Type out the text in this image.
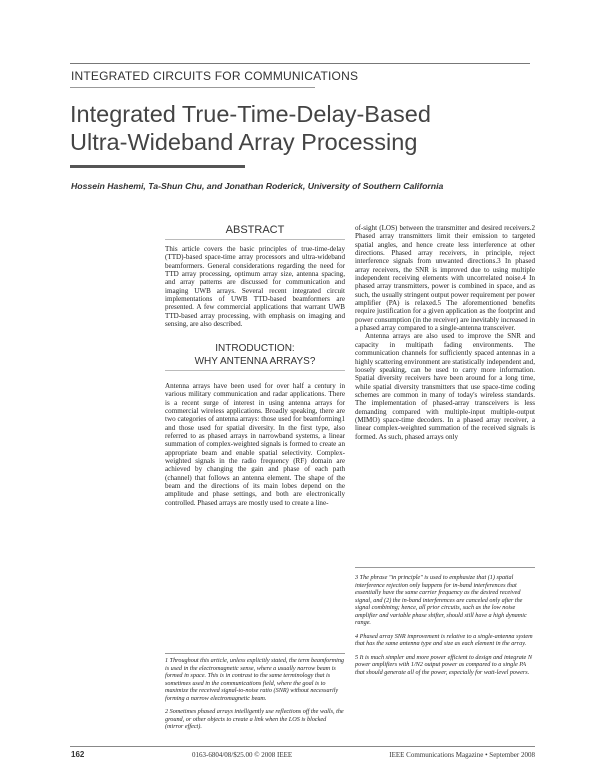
INTEGRATED CIRCUITS FOR COMMUNICATIONS
Integrated True-Time-Delay-Based
Ultra-Wideband Array Processing
Hossein Hashemi, Ta-Shun Chu, and Jonathan Roderick, University of Southern California
ABSTRACT

This article covers the basic principles of true-time-delay (TTD)-based space-time array processors and ultra-wideband beamformers. General considerations regarding the need for TTD array processing, optimum array size, antenna spacing, and array patterns are discussed for communication and imaging UWB arrays. Several recent integrated circuit implementations of UWB TTD-based beamformers are presented. A few commercial applications that warrant UWB TTD-based array processing, with emphasis on imaging and sensing, are also described.

INTRODUCTION:
WHY ANTENNA ARRAYS?

Antenna arrays have been used for over half a century in various military communication and radar applications. There is a recent surge of interest in using antenna arrays for commercial wireless applications. Broadly speaking, there are two categories of antenna arrays: those used for beamforming1 and those used for spatial diversity. In the first type, also referred to as phased arrays in narrowband systems, a linear summation of complex-weighted signals is formed to create an appropriate beam and enable spatial selectivity. Complex-weighted signals in the radio frequency (RF) domain are achieved by changing the gain and phase of each path (channel) that follows an antenna element. The shape of the beam and the directions of its main lobes depend on the amplitude and phase settings, and both are electronically controlled. Phased arrays are mostly used to create a line-

of-sight (LOS) between the transmitter and desired receivers.2 Phased array transmitters limit their emission to targeted spatial angles, and hence create less interference at other directions. Phased array receivers, in principle, reject interference signals from unwanted directions.3 In phased array receivers, the SNR is improved due to using multiple independent receiving elements with uncorrelated noise.4 In phased array transmitters, power is combined in space, and as such, the usually stringent output power requirement per power amplifier (PA) is relaxed.5 The aforementioned benefits require justification for a given application as the footprint and power consumption (in the receiver) are inevitably increased in a phased array compared to a single-antenna transceiver.

Antenna arrays are also used to improve the SNR and capacity in multipath fading environments. The communication channels for sufficiently spaced antennas in a highly scattering environment are statistically independent and, loosely speaking, can be used to carry more information. Spatial diversity receivers have been around for a long time, while spatial diversity transmitters that use space-time coding schemes are common in many of today's wireless standards. The implementation of phased-array transceivers is less demanding compared with multiple-input multiple-output (MIMO) space-time decoders. In a phased array receiver, a linear complex-weighted summation of the received signals is formed. As such, phased arrays only

1 Throughout this article, unless explicitly stated, the term beamforming is used in the electromagnetic sense, where a usually narrow beam is formed in space. This is in contrast to the same terminology that is sometimes used in the communications field, where the goal is to maximize the received signal-to-noise ratio (SNR) without necessarily forming a narrow electromagnetic beam.

2 Sometimes phased arrays intelligently use reflections off the walls, the ground, or other objects to create a link when the LOS is blocked (mirror effect).

3 The phrase "in principle" is used to emphasize that (1) spatial interference rejection only happens for in-band interferences that essentially have the same carrier frequency as the desired received signal, and (2) the in-band interferences are canceled only after the signal combining; hence, all prior circuits, such as the low noise amplifier and variable phase shifter, should still have a high dynamic range.

4 Phased array SNR improvement is relative to a single-antenna system that has the same antenna type and size as each element in the array.

5 It is much simpler and more power efficient to design and integrate N power amplifiers with 1/N2 output power as compared to a single PA that should generate all of the power, especially for watt-level powers.

162	0163-6804/08/$25.00 © 2008 IEEE	IEEE Communications Magazine • September 2008
